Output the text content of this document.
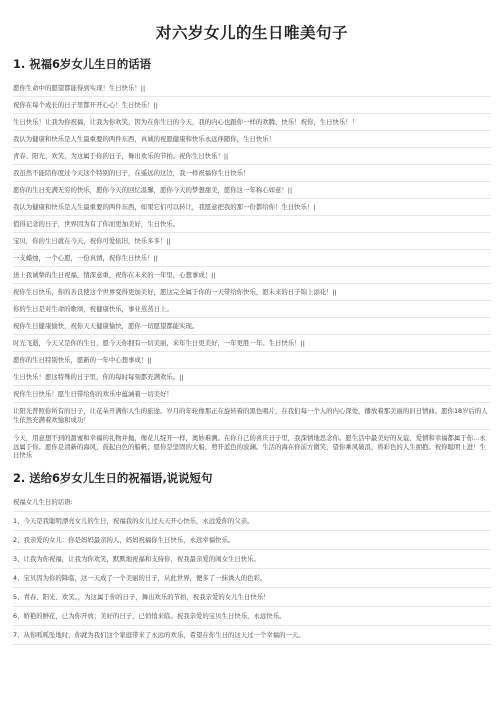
对六岁女儿的生日唯美句子
1. 祝福6岁女儿生日的话语
愿你生命中的愿望都能得到实现！生日快乐！||
祝你在每个成长的日子里都开开心心！生日快乐！||
生日快乐！让我为你祝福，让我为你欢笑，因为在你生日的今天，我的内心也跟你一样的欢腾、快乐！祝你，生日快乐！！
我认为健康和快乐是人生最重要的两件东西，真诚的祝愿健康和快乐永远伴随你，生日快乐！
青春、阳光、欢笑，为这属于你的日子，舞出欢乐的节拍。祝你生日快乐！||
我虽然不能陪你度过今天这个特别的日子，在遥远的这边，我一样祝福你生日快乐！
愿你的生日充满无穷的快乐，愿你今天的回忆温馨，愿你今天的梦想甜美，愿你这一年称心如意！||
我认为健康和快乐是人生最重要的两件东西，如果它们可以转让，我愿意把我的那一份都给你！生日快乐！|
值得记念的日子，世界因为有了你而更加美好，生日快乐。
宝贝，你的生日就在今天，祝你可爱依旧，快乐多多！||
一支蜡烛，一个心愿，一份真情，祝你生日快乐！||
送上我诚挚的生日祝福，情深意重，祝你在未来的一年里，心想事成！||
祝你生日快乐，你的善良使这个世界变得更加美好，愿这完全属于你的一天带给你快乐，愿未来的日子锦上添花！||
你的生日是对生命的歌颂，祝健康快乐，事业蒸蒸日上。
祝你生日健康愉快，祝你天天健康愉快，愿你一切愿望都能实现。
时光飞逝，今天又是你的生日，愿今天你拥有一切美丽，来年生日更美好，一年更胜一年。生日快乐！||
愿你的生日特别快乐，愿新的一年中心想事成！||
生日快乐！愿这特殊的日子里，你的每时每刻都充满欢乐。||
祝你生日快乐！愿生日带给你的欢乐中蕴涵着一切美好！
让阳光普照你所有的日子，让花朵开满你人生的旅途。岁月的年轮像那正在旋转着的黑色唱片，在我们每一个人的内心深处，播放着那美丽的旧日情曲。愿你18岁后的人生依然充满着欢愉和成功！
今天，用意想不到的甜蜜和幸福的礼物并抛，像花儿绽开一样，奥妙难测。在你自己的喜庆日子里，我深情地思念你。愿生活中最美好的友谊、爱情和幸福都属于你...永远属于你。愿你是清新的海风，鼓起白色的船帆；愿你是坚固的大船，剪开蓝色的波澜。生活的海在你前方微笑，望你乘风破浪，将彩色的人生拥抱。祝你聪明上进！生日快乐
2. 送给6岁女儿生日的祝福语,说说短句
祝福女儿生日的话语:
1、今天是我聪明漂亮女儿的生日，祝福我的女儿过天天开心快乐，永远爱你的父亲。
2、我亲爱的女儿：你是妈妈最亲的人，妈妈祝福你生日快乐，永远幸福快乐。
3、让我为你祝福，让我为你欢笑，默默地祝福和支持你，祝我最亲爱的闺女生日快乐。
4、宝贝因为你的降临，这一天成了一个美丽的日子，从此世界，便多了一抹诱人的色彩。
5、青春、阳光、欢笑。，为这属于你的日子，舞出欢乐的节拍，祝我亲爱的女儿生日快乐！
6、娇艳的鲜花，已为你开放；美好的日子，已悄悄来临。祝我亲爱的宝贝生日快乐，永远快乐。
7、从你呱呱坠地时，你就为我们这个家庭带来了永远的欢乐，希望在你生日的这天过一个幸福的一天。
